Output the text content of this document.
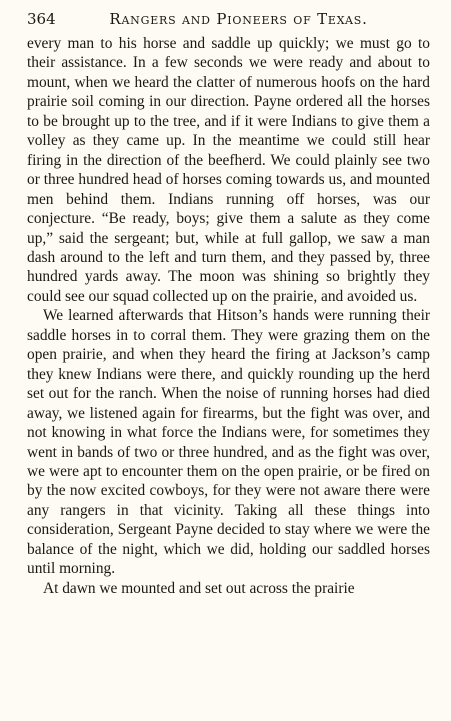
364	Rangers and Pioneers of Texas.

every man to his horse and saddle up quickly; we must go to their assistance. In a few seconds we were ready and about to mount, when we heard the clatter of numerous hoofs on the hard prairie soil coming in our direction. Payne ordered all the horses to be brought up to the tree, and if it were Indians to give them a volley as they came up. In the meantime we could still hear firing in the direction of the beefherd. We could plainly see two or three hundred head of horses coming towards us, and mounted men behind them. Indians running off horses, was our conjecture. “Be ready, boys; give them a salute as they come up,” said the sergeant; but, while at full gallop, we saw a man dash around to the left and turn them, and they passed by, three hundred yards away. The moon was shining so brightly they could see our squad collected up on the prairie, and avoided us.

We learned afterwards that Hitson’s hands were running their saddle horses in to corral them. They were grazing them on the open prairie, and when they heard the firing at Jackson’s camp they knew Indians were there, and quickly rounding up the herd set out for the ranch. When the noise of running horses had died away, we listened again for firearms, but the fight was over, and not knowing in what force the Indians were, for sometimes they went in bands of two or three hundred, and as the fight was over, we were apt to encounter them on the open prairie, or be fired on by the now excited cowboys, for they were not aware there were any rangers in that vicinity. Taking all these things into consideration, Sergeant Payne decided to stay where we were the balance of the night, which we did, holding our saddled horses until morning.

At dawn we mounted and set out across the prairie
